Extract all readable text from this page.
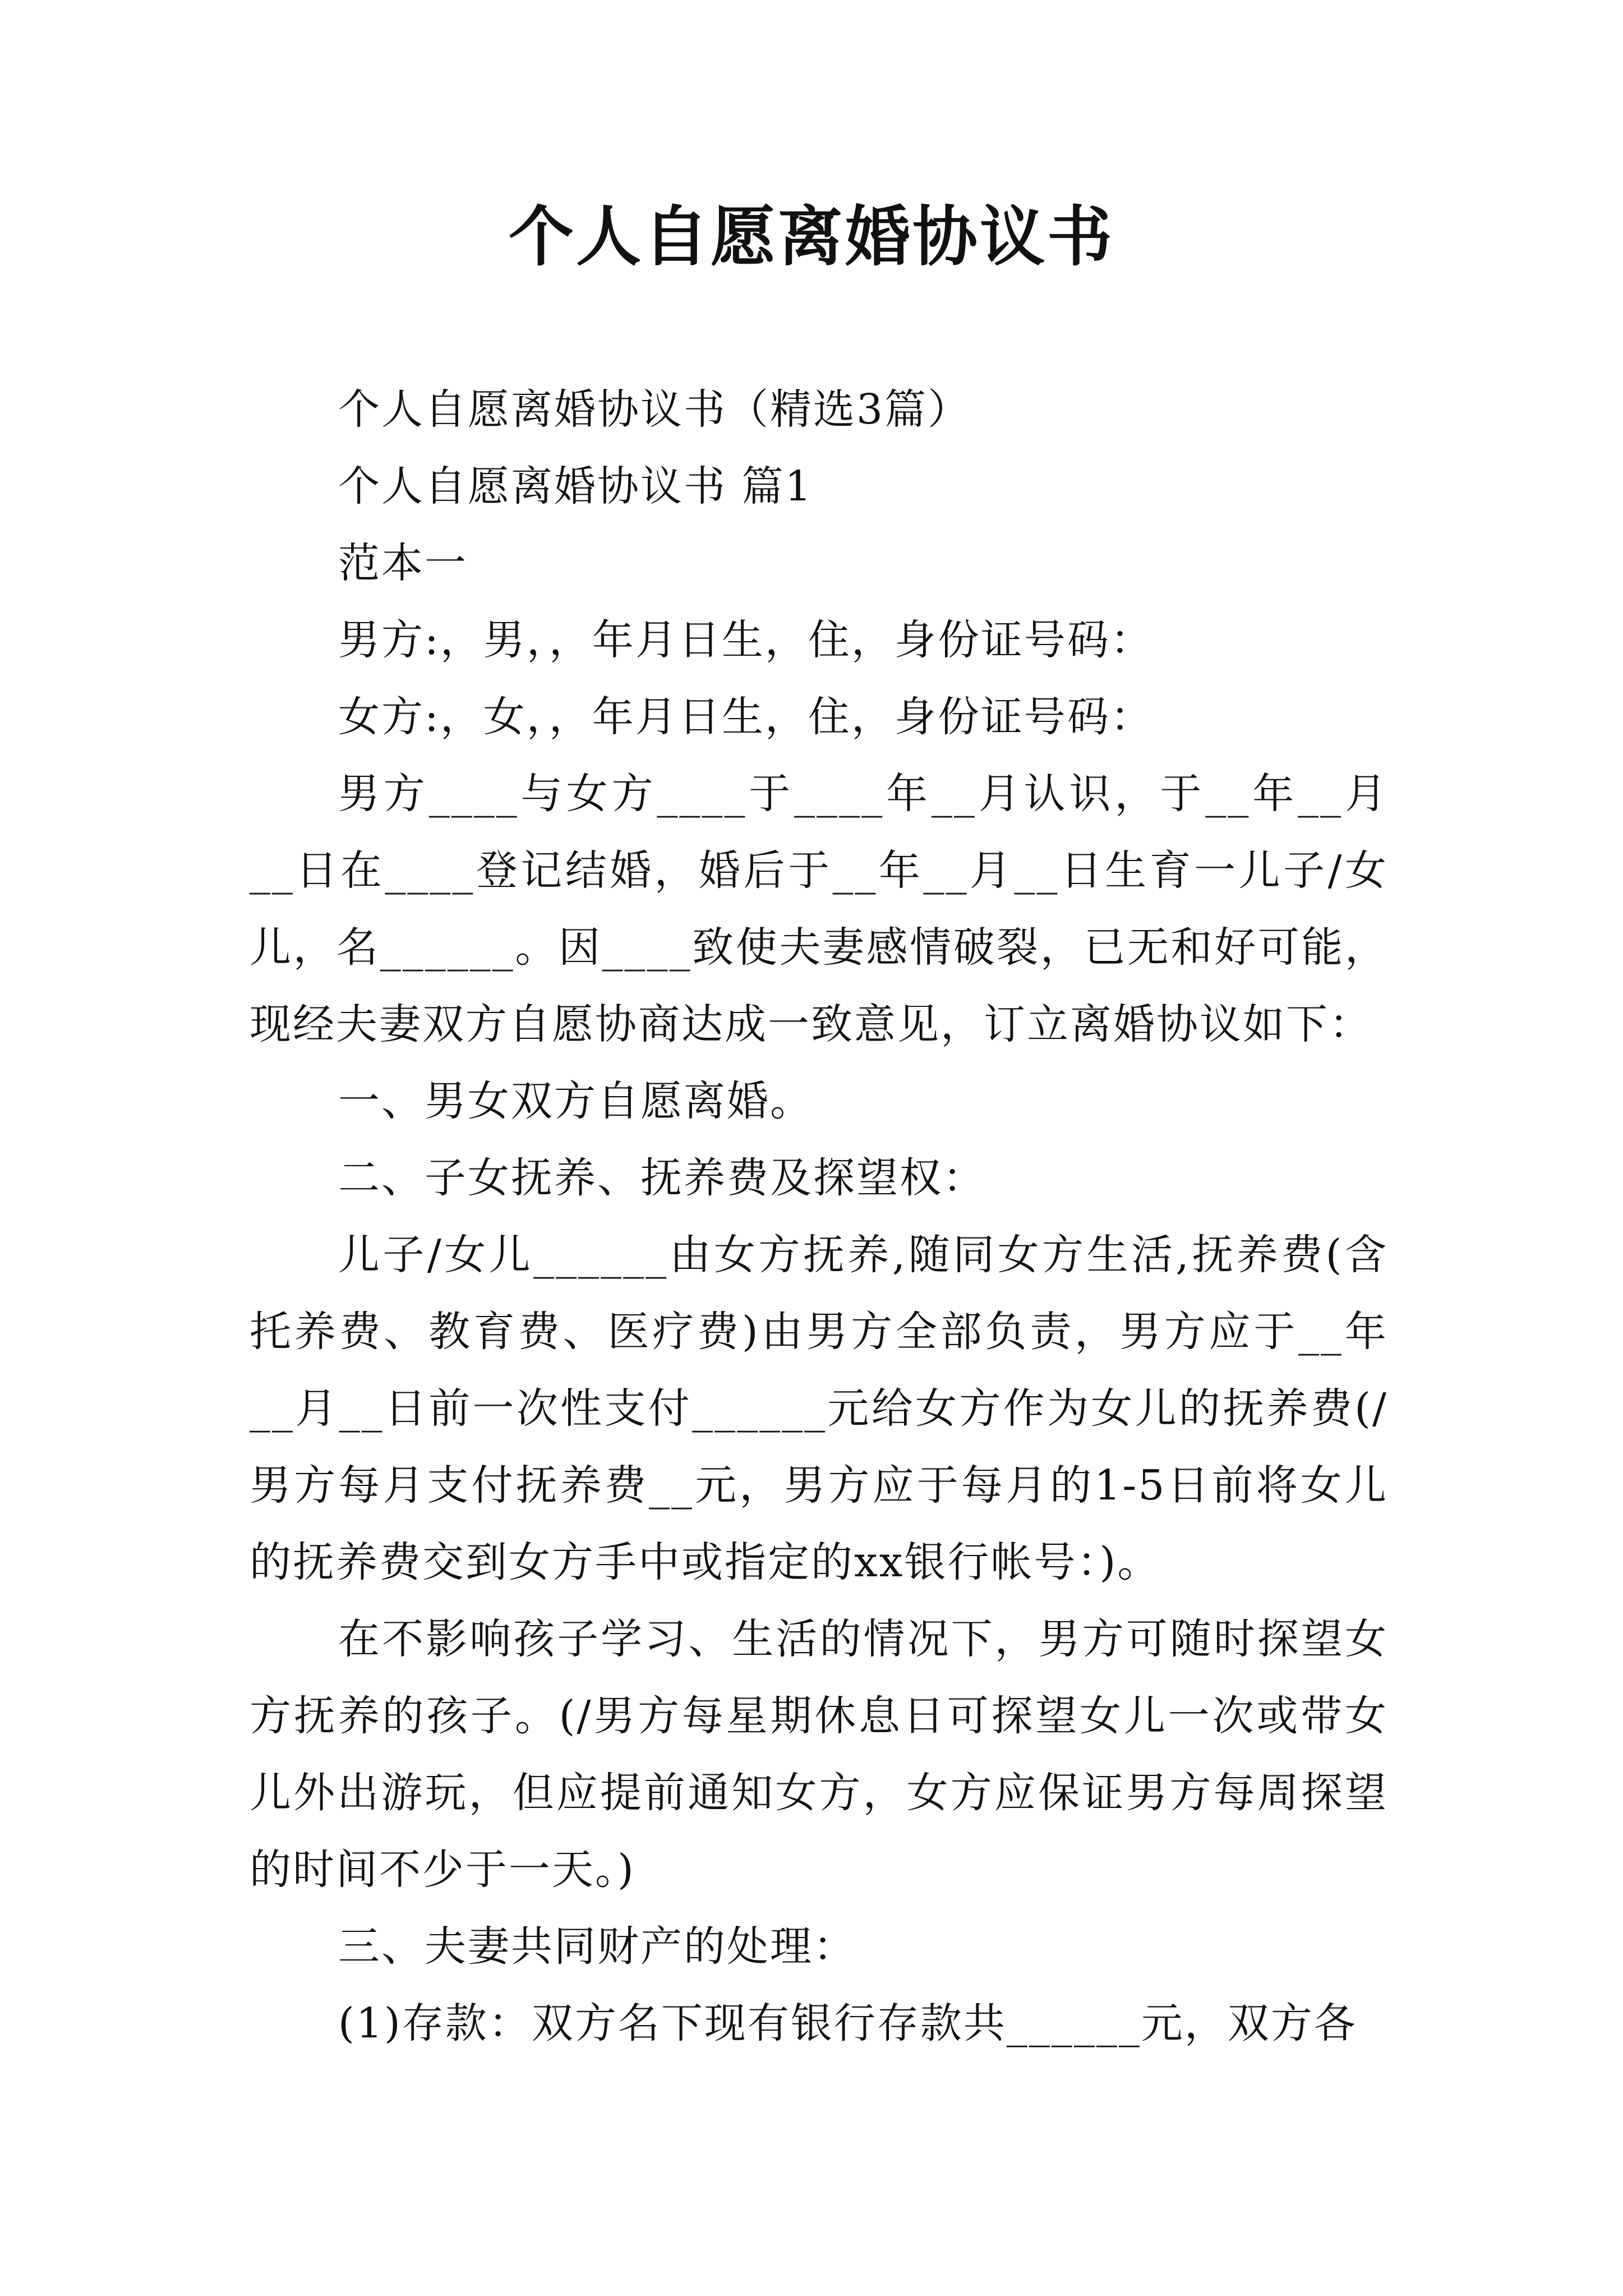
个人自愿离婚协议书

个人自愿离婚协议书（精选3篇）

个人自愿离婚协议书 篇1

范本一

男方:，男，，年月日生，住，身份证号码：

女方:，女，，年月日生，住，身份证号码：

男方____与女方____于____年__月认识，于__年__月__日在____登记结婚，婚后于__年__月__日生育一儿子/女儿，名______。因____致使夫妻感情破裂，已无和好可能，现经夫妻双方自愿协商达成一致意见，订立离婚协议如下：

一、男女双方自愿离婚。

二、子女抚养、抚养费及探望权：

儿子/女儿______由女方抚养,随同女方生活,抚养费(含托养费、教育费、医疗费)由男方全部负责，男方应于__年__月__日前一次性支付______元给女方作为女儿的抚养费(/男方每月支付抚养费__元，男方应于每月的1-5日前将女儿的抚养费交到女方手中或指定的xx银行帐号：)。

在不影响孩子学习、生活的情况下，男方可随时探望女方抚养的孩子。(/男方每星期休息日可探望女儿一次或带女儿外出游玩，但应提前通知女方，女方应保证男方每周探望的时间不少于一天。)

三、夫妻共同财产的处理：

(1)存款：双方名下现有银行存款共______元，双方各
